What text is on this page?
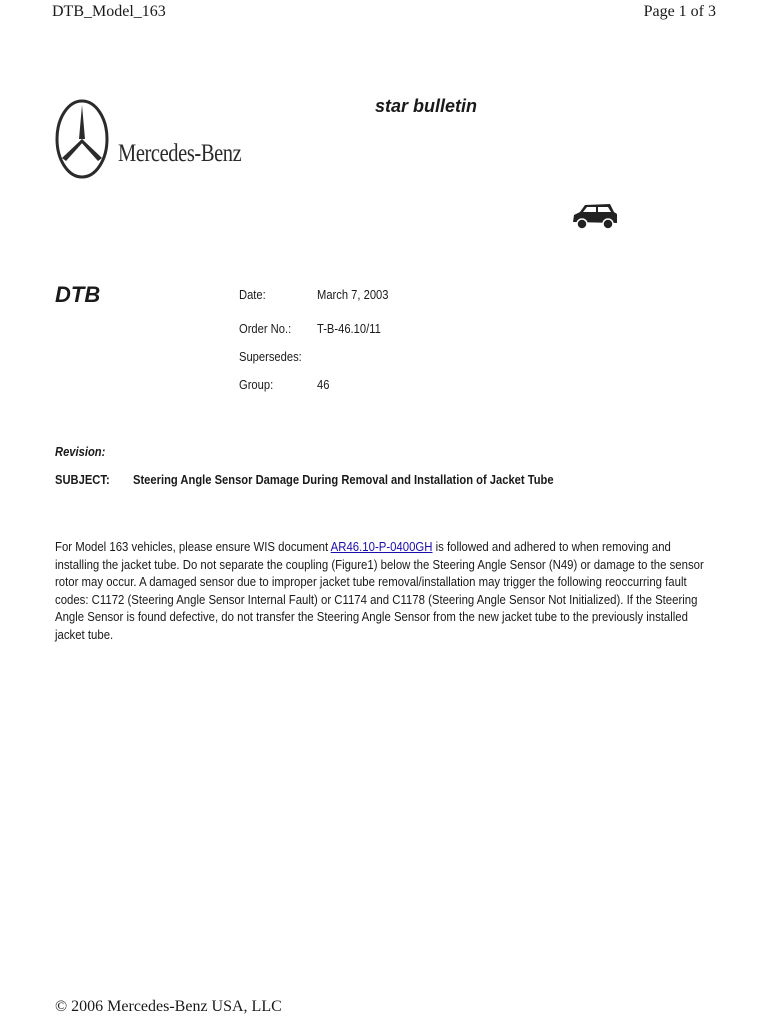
DTB_Model_163	Page 1 of 3
Mercedes-Benz
star bulletin
DTB	Date:	March 7, 2003
Order No.: T-B-46.10/11
Supersedes:
Group:	46
Revision:
SUBJECT: Steering Angle Sensor Damage During Removal and Installation of Jacket Tube
For Model 163 vehicles, please ensure WIS document AR46.10-P-0400GH is followed and adhered to when removing and
installing the jacket tube. Do not separate the coupling (Figure1) below the Steering Angle Sensor (N49) or damage to the sensor
rotor may occur. A damaged sensor due to improper jacket tube removal/installation may trigger the following reoccurring fault
codes: C1172 (Steering Angle Sensor Internal Fault) or C1174 and C1178 (Steering Angle Sensor Not Initialized). If the Steering
Angle Sensor is found defective, do not transfer the Steering Angle Sensor from the new jacket tube to the previously installed
jacket tube.
© 2006 Mercedes-Benz USA, LLC
